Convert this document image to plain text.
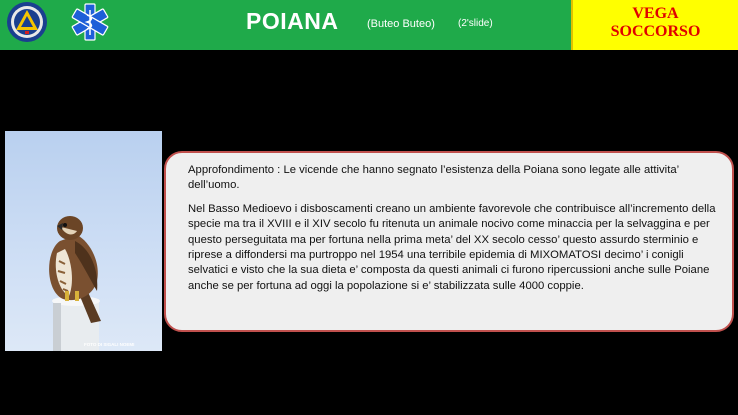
POIANA	(Buteo Buteo) (2'slide)
VEGA
SOCCORSO
FOTO DI SIGALI NOEMI

Approfondimento : Le vicende che hanno segnato l’esistenza della Poiana sono legate alle attivita’ dell’uomo.

Nel Basso Medioevo i disboscamenti creano un ambiente favorevole che contribuisce all’incremento della specie ma tra il XVIII e il XIV secolo fu ritenuta un animale nocivo come minaccia per la selvaggina e per questo perseguitata ma per fortuna nella prima meta’ del XX secolo cesso’ questo assurdo sterminio e riprese a diffondersi ma purtroppo nel 1954 una terribile epidemia di MIXOMATOSI decimo’ i conigli selvatici e visto che la sua dieta e’ composta da questi animali ci furono ripercussioni anche sulle Poiane anche se per fortuna ad oggi la popolazione si e’ stabilizzata sulle 4000 coppie.
